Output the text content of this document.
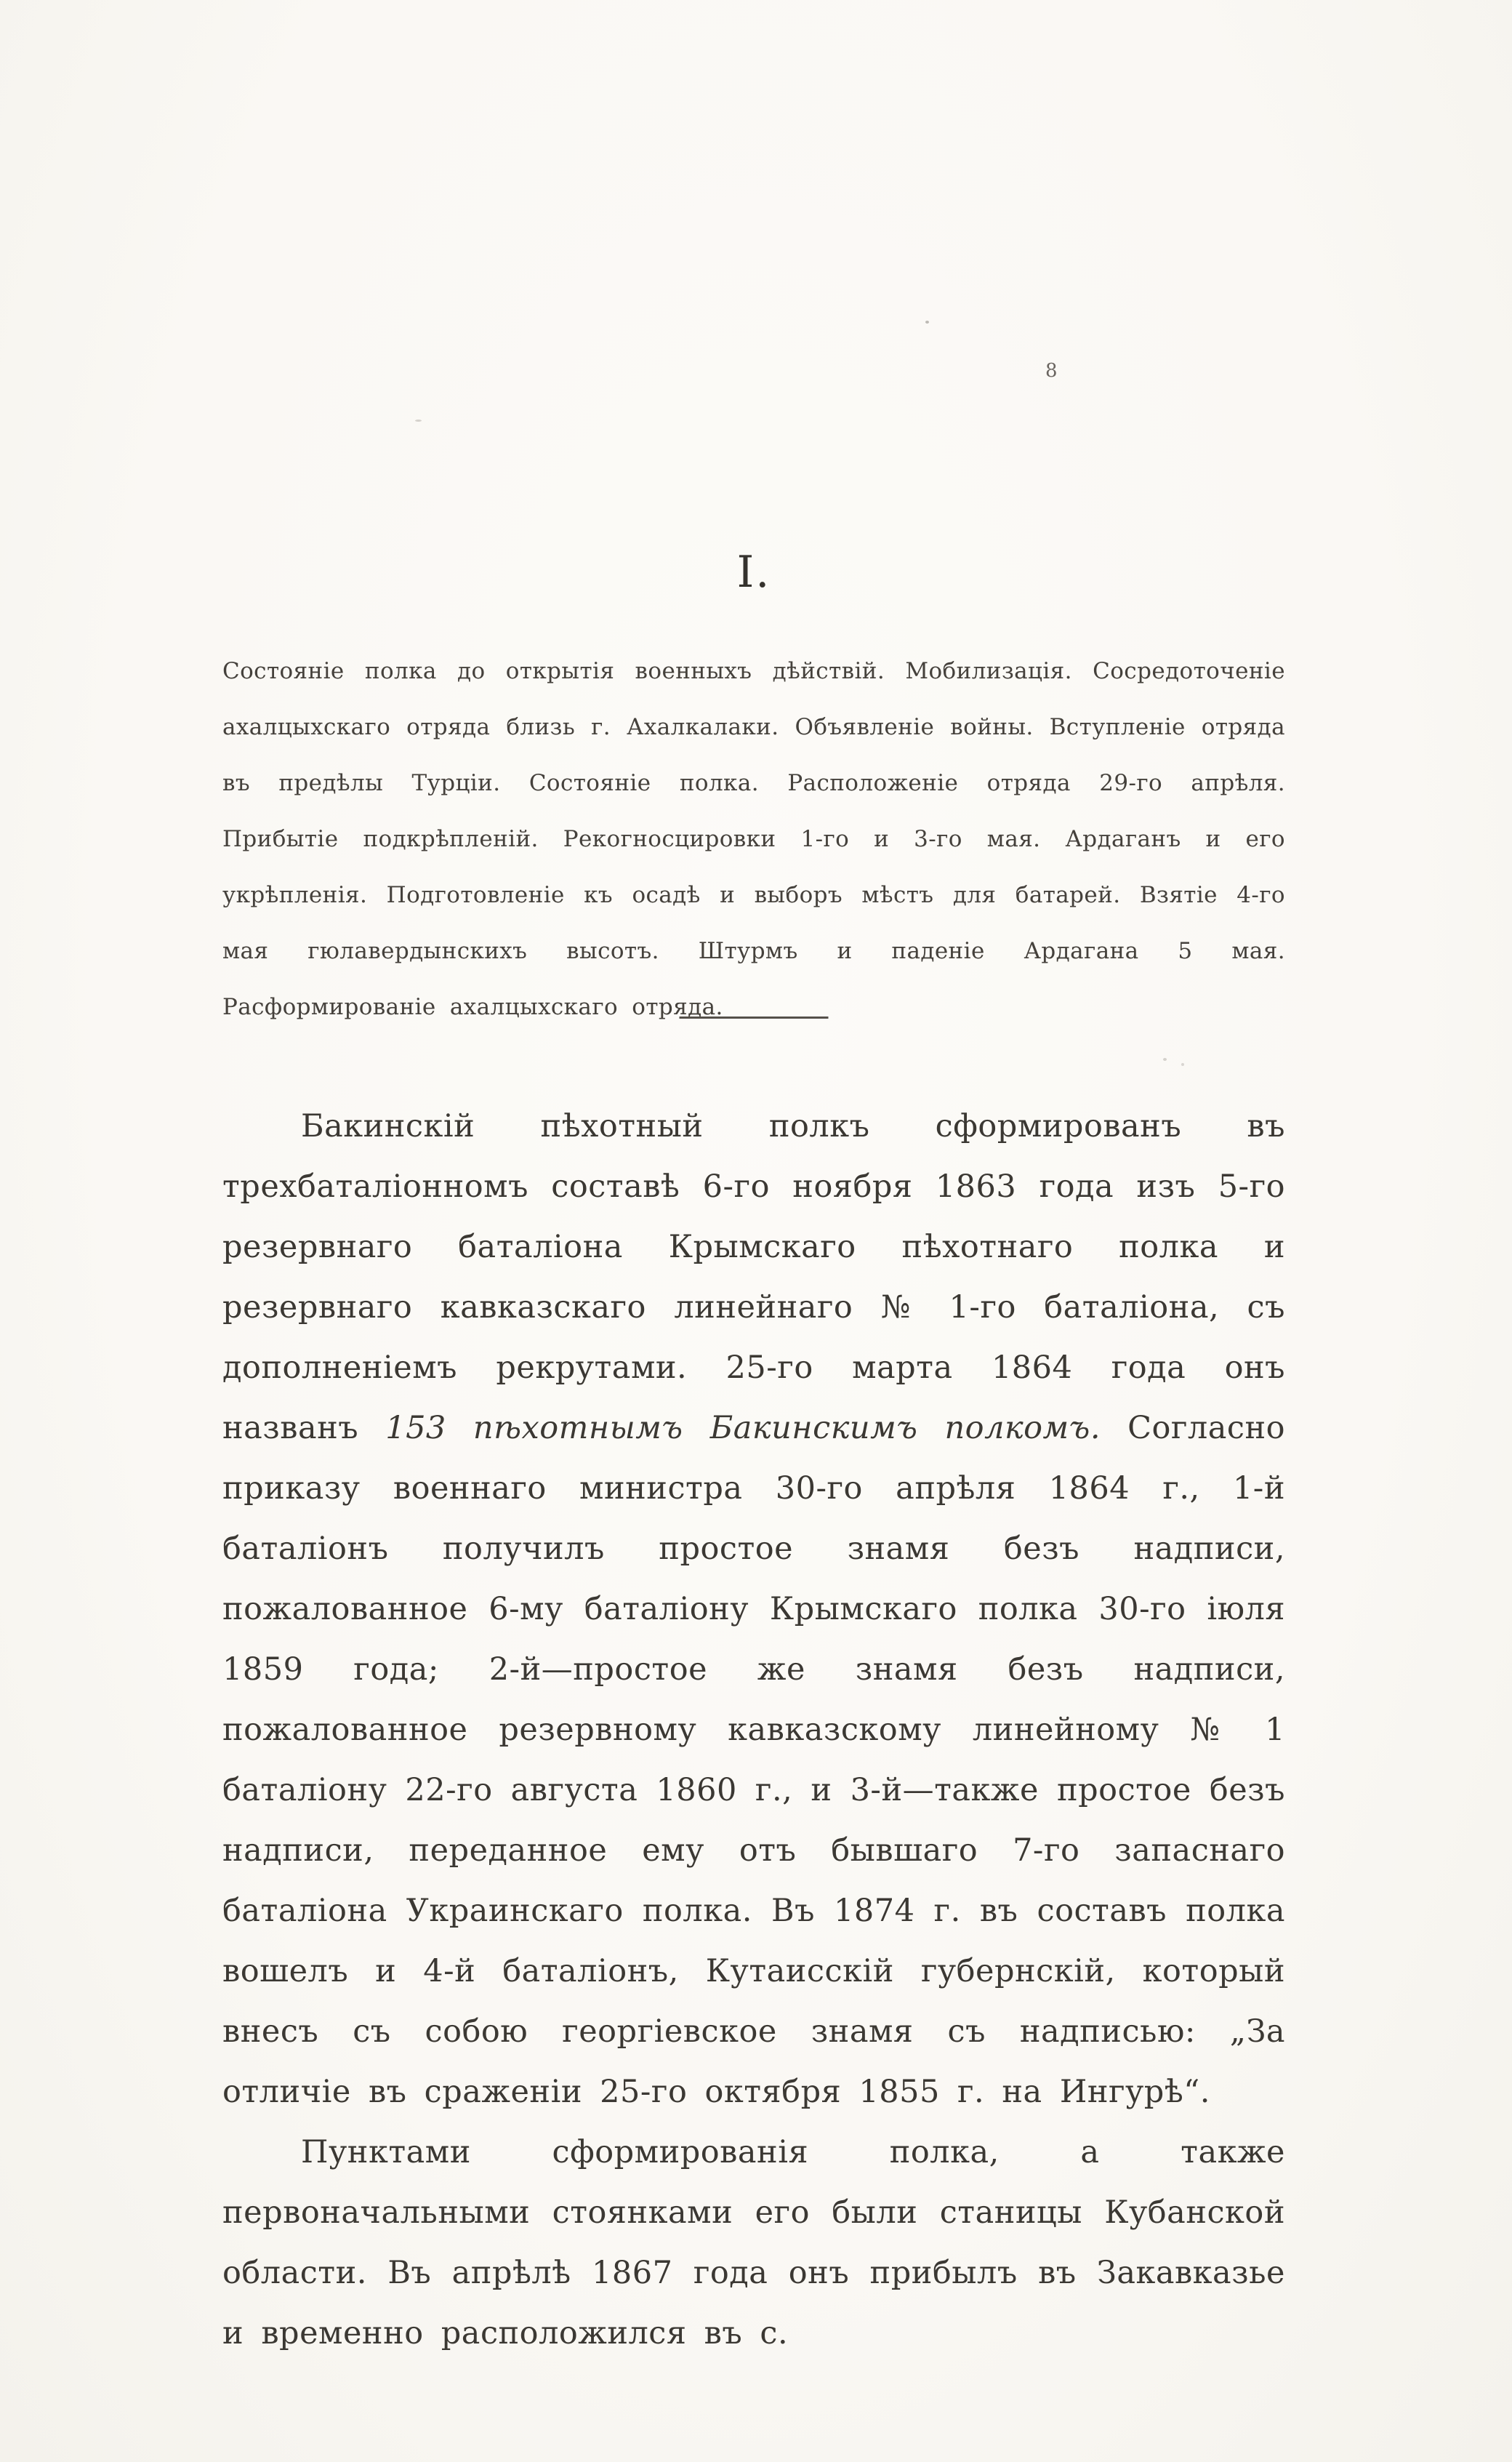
8
I.

Состояніе полка до открытія военныхъ дѣйствій. Мобилизація. Сосредоточеніе ахалцыхскаго отряда близь г. Ахалкалаки. Объявленіе войны. Вступленіе отряда въ предѣлы Турціи. Состояніе полка. Расположеніе отряда 29-го апрѣля. Прибытіе подкрѣпленій. Рекогносцировки 1-го и 3-го мая. Ардаганъ и его укрѣпленія. Подготовленіе къ осадѣ и выборъ мѣстъ для батарей. Взятіе 4-го мая гюлавердынскихъ высотъ. Штурмъ и паденіе Ардагана 5 мая. Расформированіе ахалцыхскаго отряда.

Бакинскій пѣхотный полкъ сформированъ въ трехбаталіонномъ составѣ 6-го ноября 1863 года изъ 5-го резервнаго баталіона Крымскаго пѣхотнаго полка и резервнаго кавказскаго линейнаго № 1-го баталіона, съ дополненіемъ рекрутами. 25-го марта 1864 года онъ названъ 153 пѣхотнымъ Бакинскимъ полкомъ. Согласно приказу военнаго министра 30-го апрѣля 1864 г., 1-й баталіонъ получилъ простое знамя безъ надписи, пожалованное 6-му баталіону Крымскаго полка 30-го іюля 1859 года; 2-й—простое же знамя безъ надписи, пожалованное резервному кавказскому линейному № 1 баталіону 22-го августа 1860 г., и 3-й—также простое безъ надписи, переданное ему отъ бывшаго 7-го запаснаго баталіона Украинскаго полка. Въ 1874 г. въ составъ полка вошелъ и 4-й баталіонъ, Кутаисскій губернскій, который внесъ съ собою георгіевское знамя съ надписью: „За отличіе въ сраженіи 25-го октября 1855 г. на Ингурѣ“.

Пунктами сформированія полка, а также первоначальными стоянками его были станицы Кубанской области. Въ апрѣлѣ 1867 года онъ прибылъ въ Закавказье и временно расположился въ с.
